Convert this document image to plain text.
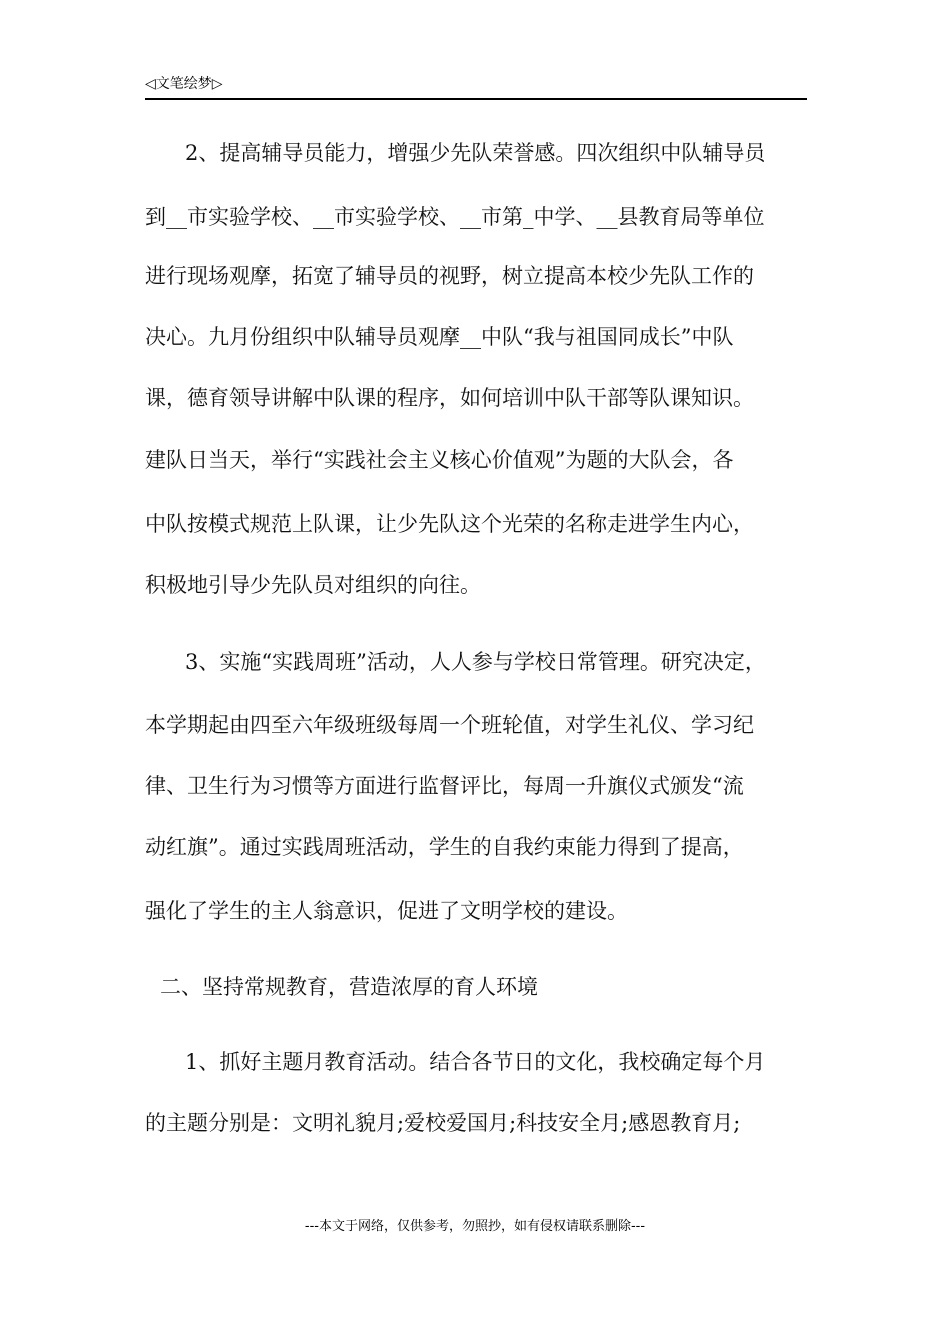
◁文笔绘梦▷
2、提高辅导员能力，增强少先队荣誉感。四次组织中队辅导员
到__市实验学校、__市实验学校、__市第_中学、__县教育局等单位
进行现场观摩，拓宽了辅导员的视野，树立提高本校少先队工作的
决心。九月份组织中队辅导员观摩__中队“我与祖国同成长”中队
课，德育领导讲解中队课的程序，如何培训中队干部等队课知识。
建队日当天，举行“实践社会主义核心价值观”为题的大队会，各
中队按模式规范上队课，让少先队这个光荣的名称走进学生内心，
积极地引导少先队员对组织的向往。
3、实施“实践周班”活动，人人参与学校日常管理。研究决定，
本学期起由四至六年级班级每周一个班轮值，对学生礼仪、学习纪
律、卫生行为习惯等方面进行监督评比，每周一升旗仪式颁发“流
动红旗”。通过实践周班活动，学生的自我约束能力得到了提高，
强化了学生的主人翁意识，促进了文明学校的建设。
二、坚持常规教育，营造浓厚的育人环境
1、抓好主题月教育活动。结合各节日的文化，我校确定每个月
的主题分别是：文明礼貌月;爱校爱国月;科技安全月;感恩教育月;
---本文于网络，仅供参考，勿照抄，如有侵权请联系删除---
